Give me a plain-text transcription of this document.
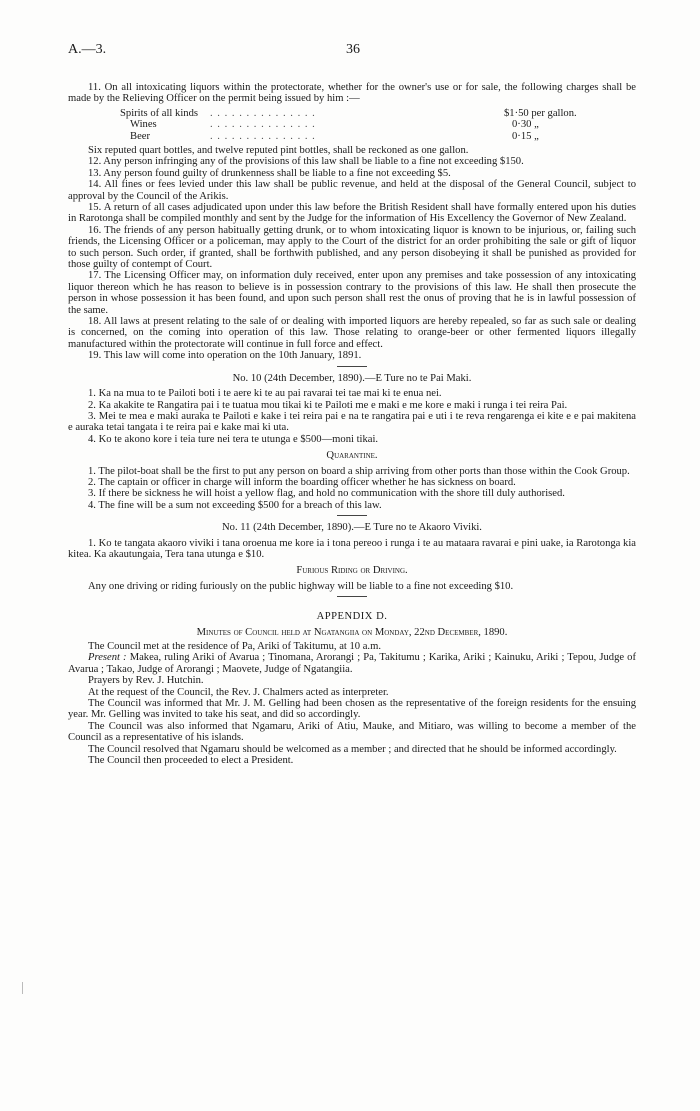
A.—3.	36

11. On all intoxicating liquors within the protectorate, whether for the owner's use or for sale, the following charges shall be made by the Relieving Officer on the permit being issued by him :—

Spirits of all kinds . . . . . . . . . . . . . . .	$1·50 per gallon.
Wines	. . . . . . . . . . . . . . .	0·30 „
Beer	. . . . . . . . . . . . . . .	0·15 „

Six reputed quart bottles, and twelve reputed pint bottles, shall be reckoned as one gallon.

12. Any person infringing any of the provisions of this law shall be liable to a fine not exceeding $150.

13. Any person found guilty of drunkenness shall be liable to a fine not exceeding $5.

14. All fines or fees levied under this law shall be public revenue, and held at the disposal of the General Council, subject to approval by the Council of the Arikis.

15. A return of all cases adjudicated upon under this law before the British Resident shall have formally entered upon his duties in Rarotonga shall be compiled monthly and sent by the Judge for the information of His Excellency the Governor of New Zealand.

16. The friends of any person habitually getting drunk, or to whom intoxicating liquor is known to be injurious, or, failing such friends, the Licensing Officer or a policeman, may apply to the Court of the district for an order prohibiting the sale or gift of liquor to such person. Such order, if granted, shall be forthwith published, and any person disobeying it shall be punished as provided for those guilty of contempt of Court.

17. The Licensing Officer may, on information duly received, enter upon any premises and take possession of any intoxicating liquor thereon which he has reason to believe is in possession contrary to the provisions of this law. He shall then prosecute the person in whose possession it has been found, and upon such person shall rest the onus of proving that he is in lawful possession of the same.

18. All laws at present relating to the sale of or dealing with imported liquors are hereby repealed, so far as such sale or dealing is concerned, on the coming into operation of this law. Those relating to orange-beer or other fermented liquors illegally manufactured within the protectorate will continue in full force and effect.

19. This law will come into operation on the 10th January, 1891.

No. 10 (24th December, 1890).—E Ture no te Pai Maki.

1. Ka na mua to te Pailoti boti i te aere ki te au pai ravarai tei tae mai ki te enua nei.

2. Ka akakite te Rangatira pai i te tuatua mou tikai ki te Pailoti me e maki e me kore e maki i runga i tei reira Pai.

3. Mei te mea e maki auraka te Pailoti e kake i tei reira pai e na te rangatira pai e uti i te reva rengarenga ei kite e e pai makitena e auraka tetai tangata i te reira pai e kake mai ki uta.

4. Ko te akono kore i teia ture nei tera te utunga e $500—moni tikai.

Quarantine.

1. The pilot-boat shall be the first to put any person on board a ship arriving from other ports than those within the Cook Group.

2. The captain or officer in charge will inform the boarding officer whether he has sickness on board.

3. If there be sickness he will hoist a yellow flag, and hold no communication with the shore till duly authorised.

4. The fine will be a sum not exceeding $500 for a breach of this law.

No. 11 (24th December, 1890).—E Ture no te Akaoro Viviki.

1. Ko te tangata akaoro viviki i tana oroenua me kore ia i tona pereoo i runga i te au mataara ravarai e pini uake, ia Rarotonga kia kitea. Ka akautungaia, Tera tana utunga e $10.

Furious Riding or Driving.

Any one driving or riding furiously on the public highway will be liable to a fine not exceeding $10.

APPENDIX D.

Minutes of Council held at Ngatangiia on Monday, 22nd December, 1890.

The Council met at the residence of Pa, Ariki of Takitumu, at 10 a.m.

Present : Makea, ruling Ariki of Avarua ; Tinomana, Arorangi ; Pa, Takitumu ; Karika, Ariki ; Kainuku, Ariki ; Tepou, Judge of Avarua ; Takao, Judge of Arorangi ; Maovete, Judge of Ngatangiia.

Prayers by Rev. J. Hutchin.

At the request of the Council, the Rev. J. Chalmers acted as interpreter.

The Council was informed that Mr. J. M. Gelling had been chosen as the representative of the foreign residents for the ensuing year. Mr. Gelling was invited to take his seat, and did so accordingly.

The Council was also informed that Ngamaru, Ariki of Atiu, Mauke, and Mitiaro, was willing to become a member of the Council as a representative of his islands.

The Council resolved that Ngamaru should be welcomed as a member ; and directed that he should be informed accordingly.

The Council then proceeded to elect a President.
